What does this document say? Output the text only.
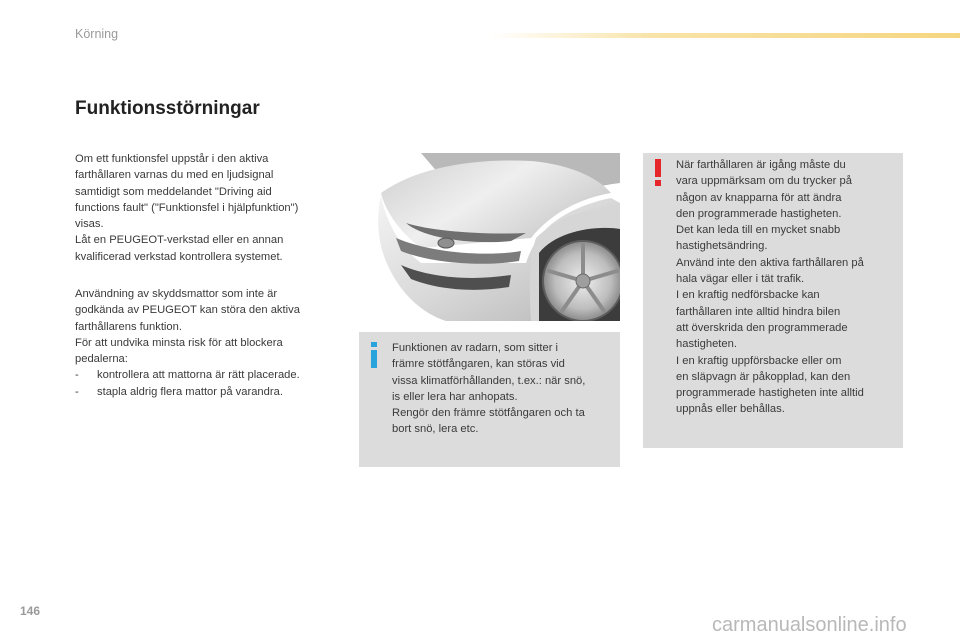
Körning
Funktionsstörningar
Om ett funktionsfel uppstår i den aktiva
farthållaren varnas du med en ljudsignal
samtidigt som meddelandet "Driving aid
functions fault" ("Funktionsfel i hjälpfunktion")
visas.
Låt en PEUGEOT-verkstad eller en annan
kvalificerad verkstad kontrollera systemet.
Användning av skyddsmattor som inte är
godkända av PEUGEOT kan störa den aktiva
farthållarens funktion.
För att undvika minsta risk för att blockera
pedalerna:
- kontrollera att mattorna är rätt placerade.
- stapla aldrig flera mattor på varandra.
Funktionen av radarn, som sitter i
främre stötfångaren, kan störas vid
vissa klimatförhållanden, t.ex.: när snö,
is eller lera har anhopats.
Rengör den främre stötfångaren och ta
bort snö, lera etc.
När farthållaren är igång måste du
vara uppmärksam om du trycker på
någon av knapparna för att ändra
den programmerade hastigheten.
Det kan leda till en mycket snabb
hastighetsändring.
Använd inte den aktiva farthållaren på
hala vägar eller i tät trafik.
I en kraftig nedförsbacke kan
farthållaren inte alltid hindra bilen
att överskrida den programmerade
hastigheten.
I en kraftig uppförsbacke eller om
en släpvagn är påkopplad, kan den
programmerade hastigheten inte alltid
uppnås eller behållas.
146
carmanualsonline.info
